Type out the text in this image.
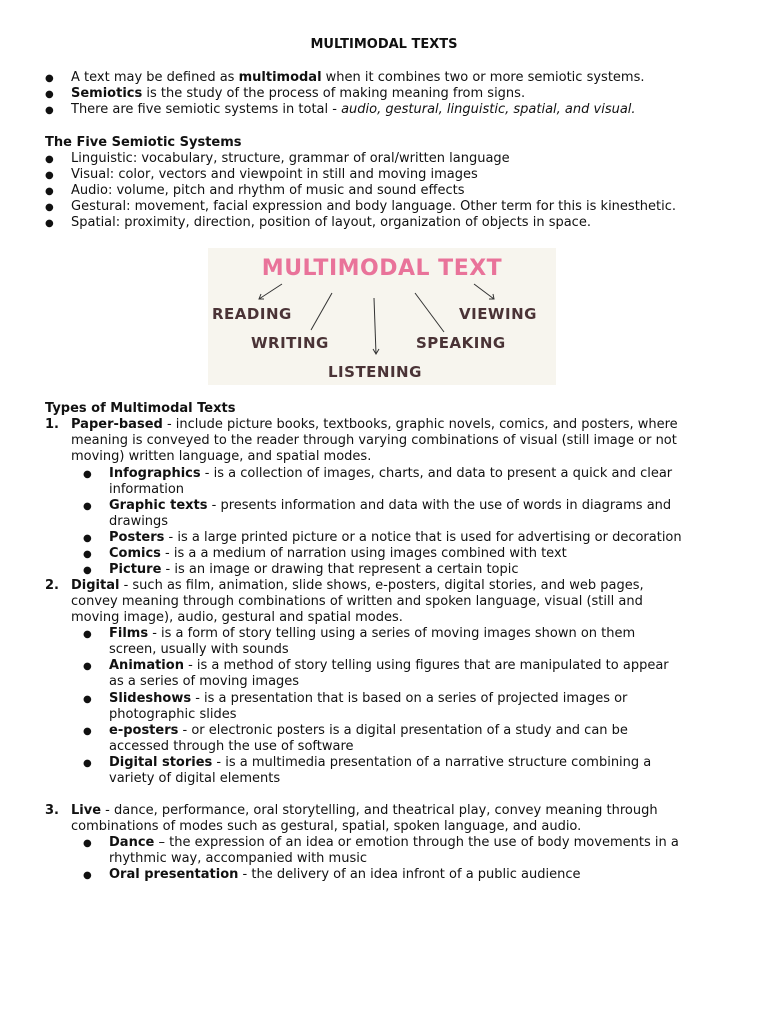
MULTIMODAL TEXTS
●
A text may be defined as multimodal when it combines two or more semiotic systems.
●
Semiotics is the study of the process of making meaning from signs.
●
There are five semiotic systems in total - audio, gestural, linguistic, spatial, and visual.
The Five Semiotic Systems
●
Linguistic: vocabulary, structure, grammar of oral/written language
●
Visual: color, vectors and viewpoint in still and moving images
●
Audio: volume, pitch and rhythm of music and sound effects
●
Gestural: movement, facial expression and body language. Other term for this is kinesthetic.
●
Spatial: proximity, direction, position of layout, organization of objects in space.
MULTIMODAL TEXT
READING	VIEWING
WRITING	SPEAKING
LISTENING
Types of Multimodal Texts
1. Paper-based - include picture books, textbooks, graphic novels, comics, and posters, where
meaning is conveyed to the reader through varying combinations of visual (still image or not
moving) written language, and spatial modes.
●
Infographics - is a collection of images, charts, and data to present a quick and clear
information
●
Graphic texts - presents information and data with the use of words in diagrams and
drawings
●
Posters - is a large printed picture or a notice that is used for advertising or decoration
●
Comics - is a a medium of narration using images combined with text
●
Picture - is an image or drawing that represent a certain topic
2. Digital - such as film, animation, slide shows, e-posters, digital stories, and web pages,
convey meaning through combinations of written and spoken language, visual (still and
moving image), audio, gestural and spatial modes.
●
Films - is a form of story telling using a series of moving images shown on them
screen, usually with sounds
●
Animation - is a method of story telling using figures that are manipulated to appear
as a series of moving images
●
Slideshows - is a presentation that is based on a series of projected images or
photographic slides
●
e-posters - or electronic posters is a digital presentation of a study and can be
accessed through the use of software
●
Digital stories - is a multimedia presentation of a narrative structure combining a
variety of digital elements
3. Live - dance, performance, oral storytelling, and theatrical play, convey meaning through
combinations of modes such as gestural, spatial, spoken language, and audio.
●
Dance – the expression of an idea or emotion through the use of body movements in a
rhythmic way, accompanied with music
●
Oral presentation - the delivery of an idea infront of a public audience
